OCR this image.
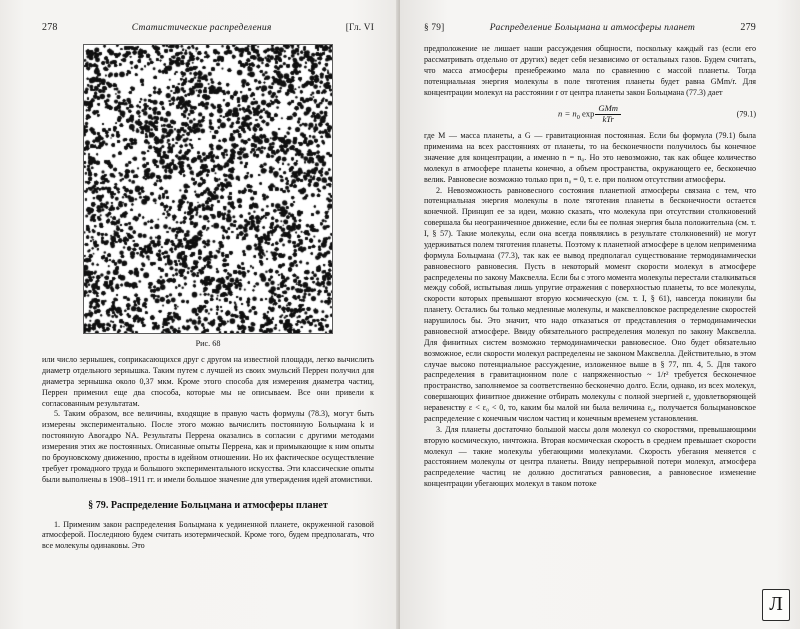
278	Статистические распределения	[Гл. VI
Рис. 68

или число зернышек, соприкасающихся друг с другом на известной площади, легко вычислить диаметр отдельного зернышка. Таким путем с лучшей из своих эмульсий Перрен получил для диаметра зернышка около 0,37 мкм. Кроме этого способа для измерения диаметра частиц, Перрен применил еще два способа, которые мы не описываем. Все они привели к согласованным результатам.

5. Таким образом, все величины, входящие в правую часть формулы (78.3), могут быть измерены экспериментально. После этого можно вычислить постоянную Больцмана k и постоянную Авогадро NA. Результаты Перрена оказались в согласии с другими методами измерения этих же постоянных. Описанные опыты Перрена, как и примыкающие к ним опыты по броуновскому движению, просты в идейном отношении. Но их фактическое осуществление требует громадного труда и большого экспериментального искусства. Эти классические опыты были выполнены в 1908–1911 гг. и имели большое значение для утверждения идей атомистики.

§ 79. Распределение Больцмана и атмосферы планет

1. Применим закон распределения Больцмана к уединенной планете, окруженной газовой атмосферой. Последнюю будем считать изотермической. Кроме того, будем предполагать, что все молекулы одинаковы. Это

§ 79]	Распределение Больцмана и атмосферы планет	279

предположение не лишает наши рассуждения общности, поскольку каждый газ (если его рассматривать отдельно от других) ведет себя независимо от остальных газов. Будем считать, что масса атмосферы пренебрежимо мала по сравнению с массой планеты. Тогда потенциальная энергия молекулы в поле тяготения планеты будет равна GMm/r. Для концентрации молекул на расстоянии r от центра планеты закон Больцмана (77.3) дает

$n = n_0$ $\exp \frac{\text{GMm}}{\text{kTr}}$	(79.1)

где M — масса планеты, а G — гравитационная постоянная. Если бы формула (79.1) была применима на всех расстояниях от планеты, то на бесконечности получилось бы конечное значение для концентрации, а именно n = n₀. Но это невозможно, так как общее количество молекул в атмосфере планеты конечно, а объем пространства, окружающего ее, бесконечно велик. Равновесие возможно только при n₀ = 0, т. е. при полном отсутствии атмосферы.

2. Невозможность равновесного состояния планетной атмосферы связана с тем, что потенциальная энергия молекулы в поле тяготения планеты в бесконечности остается конечной. Принцип ее за идеи, можно сказать, что молекула при отсутствии столкновений совершала бы неограниченное движение, если бы ее полная энергия была положительна (см. т. I, § 57). Такие молекулы, если она всегда появлялись в результате столкновений) не могут удерживаться полем тяготения планеты. Поэтому к планетной атмосфере в целом неприменима формула Больцмана (77.3), так как ее вывод предполагал существование термодинамически равновесного равновесия. Пусть в некоторый момент скорости молекул в атмосфере распределены по закону Максвелла. Если бы с этого момента молекулы перестали сталкиваться между собой, испытывая лишь упругие отражения с поверхностью планеты, то все молекулы, скорости которых превышают вторую космическую (см. т. I, § 61), навсегда покинули бы планету. Остались бы только медленные молекулы, и максвелловское распределение скоростей нарушилось бы. Это значит, что надо отказаться от представления о термодинамически равновесной атмосфере. Ввиду обязательного распределения молекул по закону Максвелла. Для финитных систем возможно термодинамически равновесное. Оно будет обязательно возможное, если скорости молекул распределены не законом Максвелла. Действительно, в этом случае высоко потенциальное рассуждение, изложенное выше в § 77, пп. 4, 5. Для такого распределения в гравитационном поле с напряженностью ~ 1/r² требуется бесконечное пространство, заполняемое за соответственно бесконечно долго. Если, однако, из всех молекул, совершающих финитное движение отбирать молекулы с полной энергией ε, удовлетворяющей неравенству ε < ε₀ < 0, то, каким бы малой ни была величина ε₀, получается больцмановское распределение с конечным числом частиц и конечным временем установления.

3. Для планеты достаточно большой массы доля молекул со скоростями, превышающими вторую космическую, ничтожна. Вторая космическая скорость в среднем превышает скорости молекул — такие молекулы убегающими молекулами. Скорость убегания меняется с расстоянием молекулы от центра планеты. Ввиду непрерывной потери молекул, атмосфера распределение частиц не должно достигаться равновесия, а равновесное изменение концентрации убегающих молекул в таком потоке

Л
